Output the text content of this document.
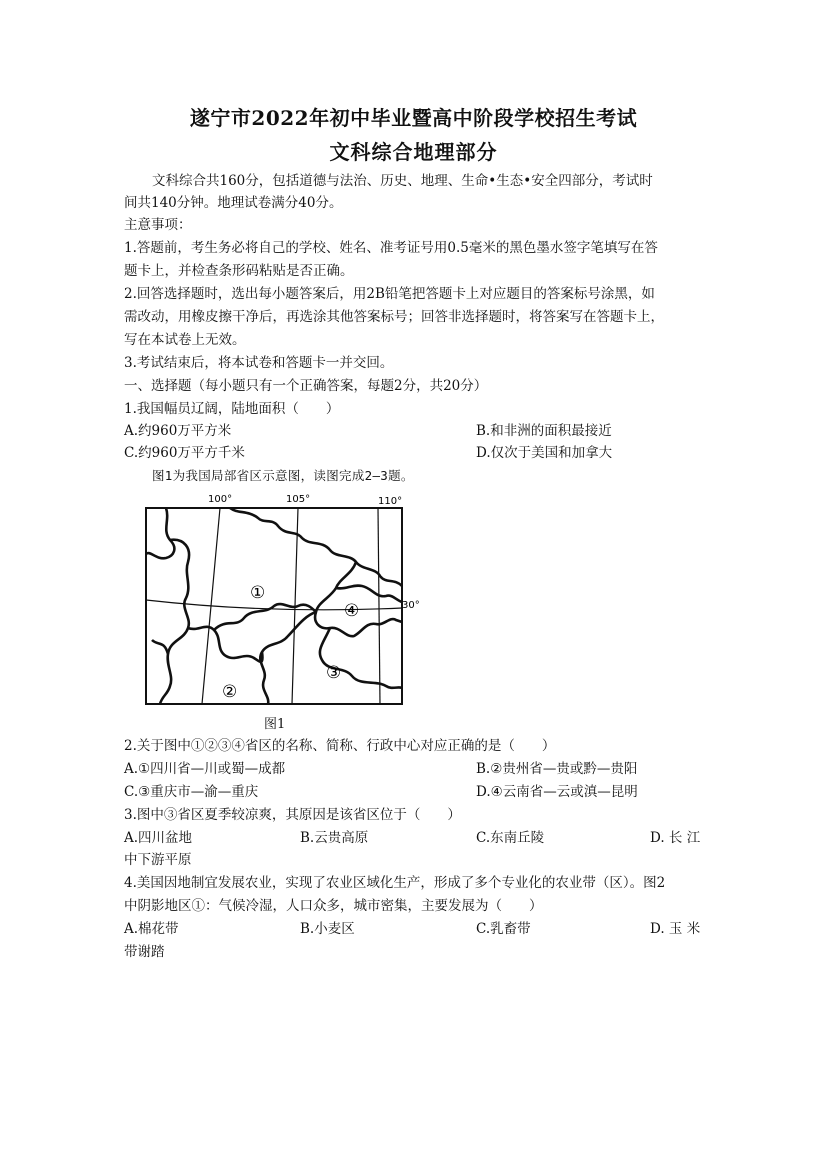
遂宁市2022年初中毕业暨高中阶段学校招生考试
文科综合地理部分
文科综合共160分，包括道德与法治、历史、地理、生命•生态•安全四部分，考试时
间共140分钟。地理试卷满分40分。
主意事项：
1.答题前，考生务必将自己的学校、姓名、准考证号用0.5毫米的黑色墨水签字笔填写在答
题卡上，并检查条形码粘贴是否正确。
2.回答选择题时，选出每小题答案后，用2B铅笔把答题卡上对应题目的答案标号涂黑，如
需改动，用橡皮擦干净后，再选涂其他答案标号；回答非选择题时，将答案写在答题卡上，
写在本试卷上无效。
3.考试结束后，将本试卷和答题卡一并交回。
一、选择题（每小题只有一个正确答案，每题2分，共20分）
1.我国幅员辽阔，陆地面积（　　）
A.约960万平方米	B.和非洲的面积最接近
C.约960万平方千米	D.仅次于美国和加拿大
图1为我国局部省区示意图，读图完成2—3题。
100°	105°	110°
30°
①
②
③
④
图1
2.关于图中①②③④省区的名称、简称、行政中心对应正确的是（　　）
A.①四川省—川或蜀—成都	B.②贵州省—贵或黔—贵阳
C.③重庆市—渝—重庆	D.④云南省—云或滇—昆明
3.图中③省区夏季较凉爽，其原因是该省区位于（　　）
A.四川盆地	B.云贵高原	C.东南丘陵	D. 长 江
中下游平原
4.美国因地制宜发展农业，实现了农业区域化生产，形成了多个专业化的农业带（区）。图2
中阴影地区①：气候冷湿，人口众多，城市密集，主要发展为（　　）
A.棉花带	B.小麦区	C.乳畜带	D. 玉 米
带谢踏
